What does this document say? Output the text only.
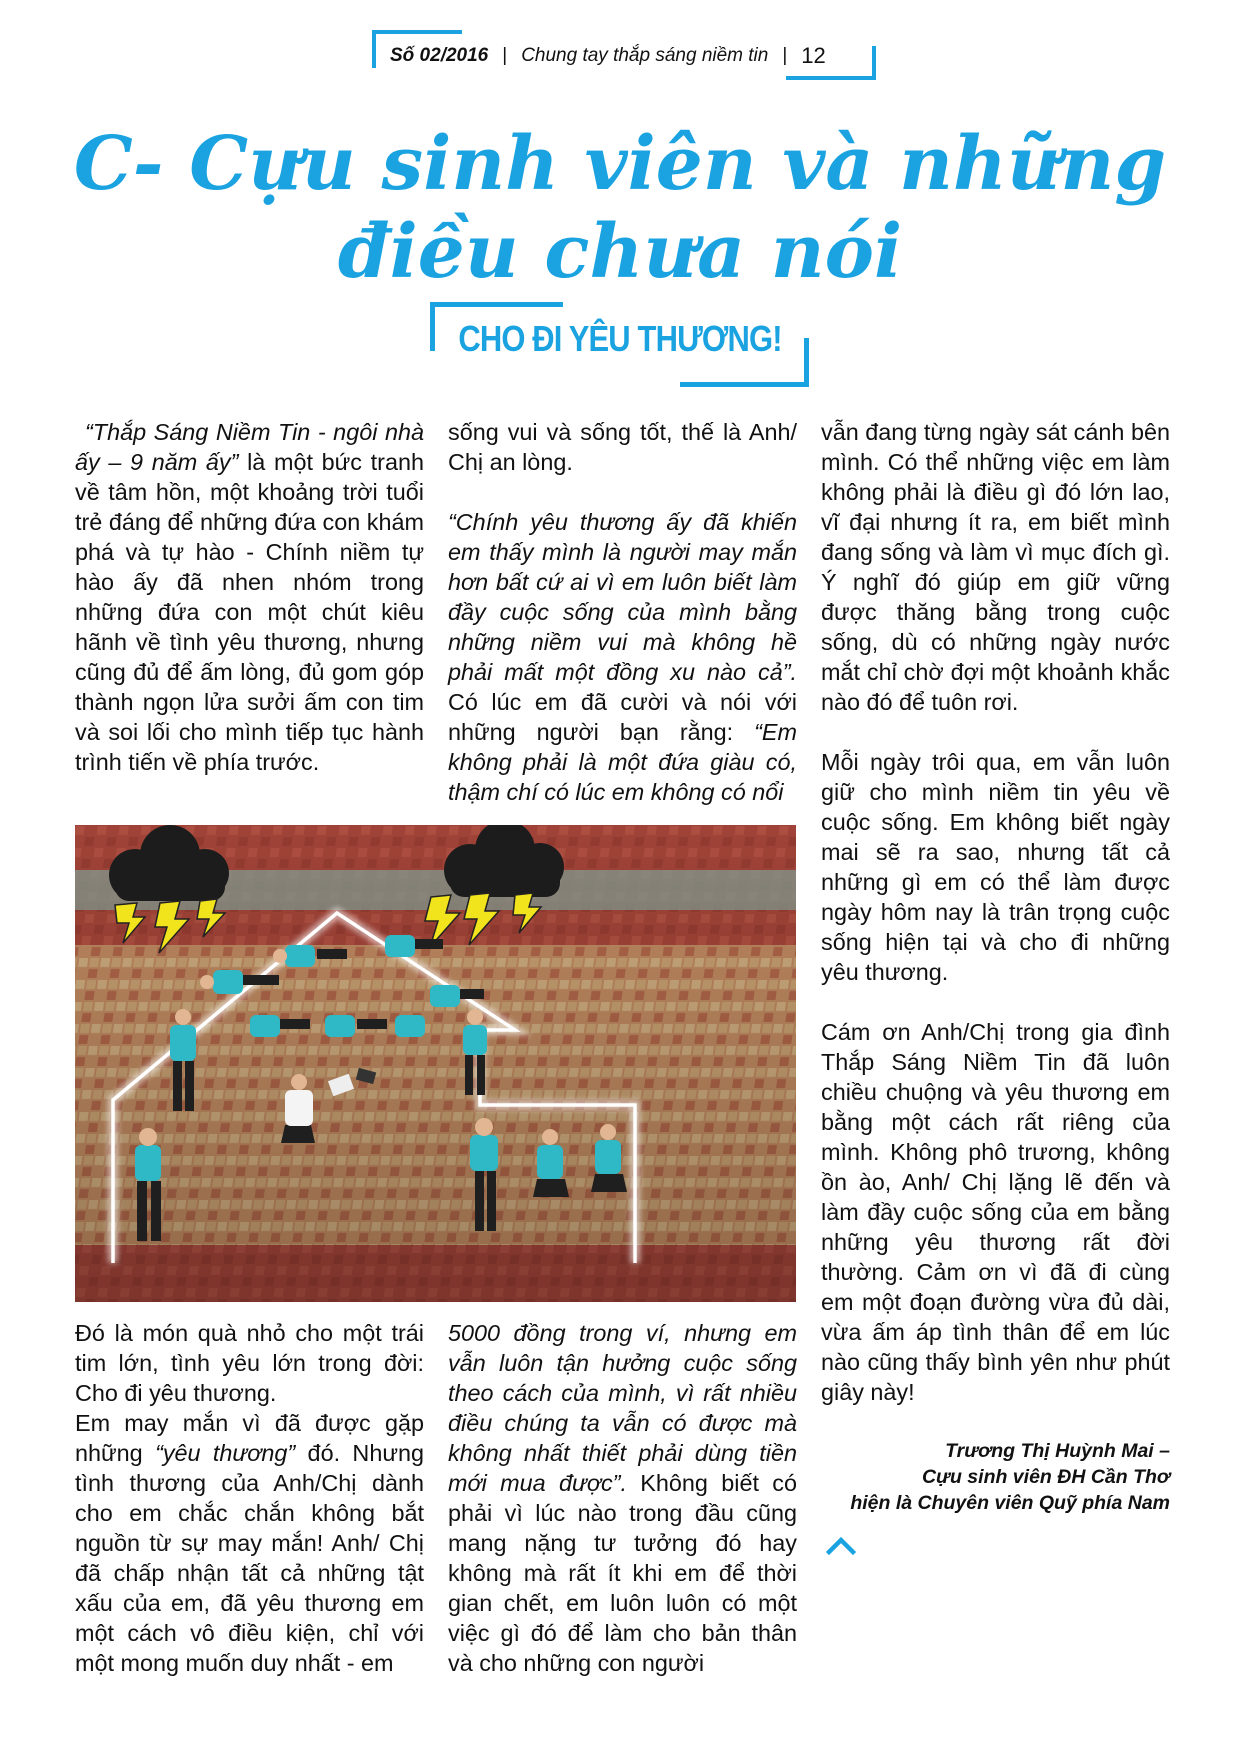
Số 02/2016 | Chung tay thắp sáng niềm tin | 12
C- Cựu sinh viên và những
điều chưa nói
CHO ĐI YÊU THƯƠNG!

“Thắp Sáng Niềm Tin - ngôi nhà ấy – 9 năm ấy” là một bức tranh về tâm hồn, một khoảng trời tuổi trẻ đáng để những đứa con khám phá và tự hào - Chính niềm tự hào ấy đã nhen nhóm trong những đứa con một chút kiêu hãnh về tình yêu thương, nhưng cũng đủ để ấm lòng, đủ gom góp thành ngọn lửa sưởi ấm con tim và soi lối cho mình tiếp tục hành trình tiến về phía trước.

sống vui và sống tốt, thế là Anh/ Chị an lòng.

“Chính yêu thương ấy đã khiến em thấy mình là người may mắn hơn bất cứ ai vì em luôn biết làm đầy cuộc sống của mình bằng những niềm vui mà không hề phải mất một đồng xu nào cả”. Có lúc em đã cười và nói với những người bạn rằng: “Em không phải là một đứa giàu có, thậm chí có lúc em không có nổi

Đó là món quà nhỏ cho một trái tim lớn, tình yêu lớn trong đời: Cho đi yêu thương.

Em may mắn vì đã được gặp những “yêu thương” đó. Nhưng tình thương của Anh/Chị dành cho em chắc chắn không bắt nguồn từ sự may mắn! Anh/ Chị đã chấp nhận tất cả những tật xấu của em, đã yêu thương em một cách vô điều kiện, chỉ với một mong muốn duy nhất - em

5000 đồng trong ví, nhưng em vẫn luôn tận hưởng cuộc sống theo cách của mình, vì rất nhiều điều chúng ta vẫn có được mà không nhất thiết phải dùng tiền mới mua được”. Không biết có phải vì lúc nào trong đầu cũng mang nặng tư tưởng đó hay không mà rất ít khi em để thời gian chết, em luôn luôn có một việc gì đó để làm cho bản thân và cho những con người

vẫn đang từng ngày sát cánh bên mình. Có thể những việc em làm không phải là điều gì đó lớn lao, vĩ đại nhưng ít ra, em biết mình đang sống và làm vì mục đích gì. Ý nghĩ đó giúp em giữ vững được thăng bằng trong cuộc sống, dù có những ngày nước mắt chỉ chờ đợi một khoảnh khắc nào đó để tuôn rơi.

Mỗi ngày trôi qua, em vẫn luôn giữ cho mình niềm tin yêu về cuộc sống. Em không biết ngày mai sẽ ra sao, nhưng tất cả những gì em có thể làm được ngày hôm nay là trân trọng cuộc sống hiện tại và cho đi những yêu thương.

Cám ơn Anh/Chị trong gia đình Thắp Sáng Niềm Tin đã luôn chiều chuộng và yêu thương em bằng một cách rất riêng của mình. Không phô trương, không ồn ào, Anh/ Chị lặng lẽ đến và làm đầy cuộc sống của em bằng những yêu thương rất đời thường. Cảm ơn vì đã đi cùng em một đoạn đường vừa đủ dài, vừa ấm áp tình thân để em lúc nào cũng thấy bình yên như phút giây này!

Trương Thị Huỳnh Mai –
Cựu sinh viên ĐH Cần Thơ
hiện là Chuyên viên Quỹ phía Nam
